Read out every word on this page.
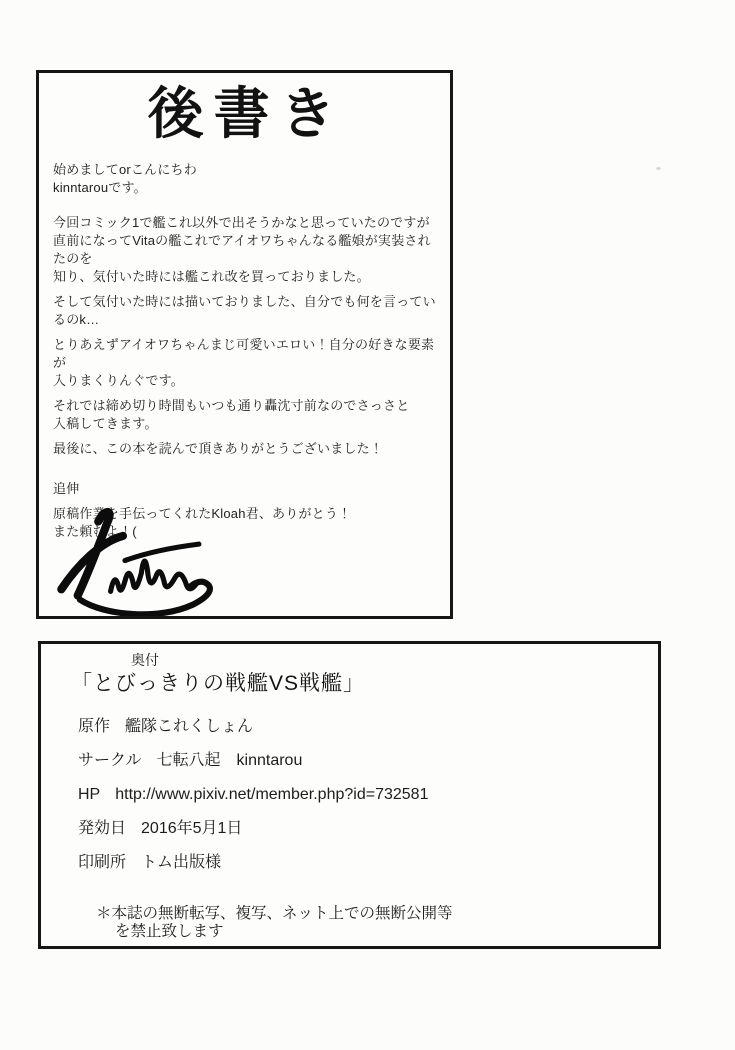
後書き

始めましてorこんにちわ
kinntarouです。

今回コミック1で艦これ以外で出そうかなと思っていたのですが
直前になってVitaの艦これでアイオワちゃんなる艦娘が実装されたのを
知り、気付いた時には艦これ改を買っておりました。

そして気付いた時には描いておりました、自分でも何を言っているのk…

とりあえずアイオワちゃんまじ可愛いエロい！自分の好きな要素が
入りまくりんぐです。

それでは締め切り時間もいつも通り轟沈寸前なのでさっさと
入稿してきます。

最後に、この本を読んで頂きありがとうございました！

追伸

原稿作業を手伝ってくれたKloah君、ありがとう！
また頼むよ！(

奥付
「とびっきりの戦艦VS戦艦」
原作 艦隊これくしょん
サークル 七転八起　kinntarou
HP http://www.pixiv.net/member.php?id=732581
発効日 2016年5月1日
印刷所 トム出版様
＊本誌の無断転写、複写、ネット上での無断公開等
を禁止致します
